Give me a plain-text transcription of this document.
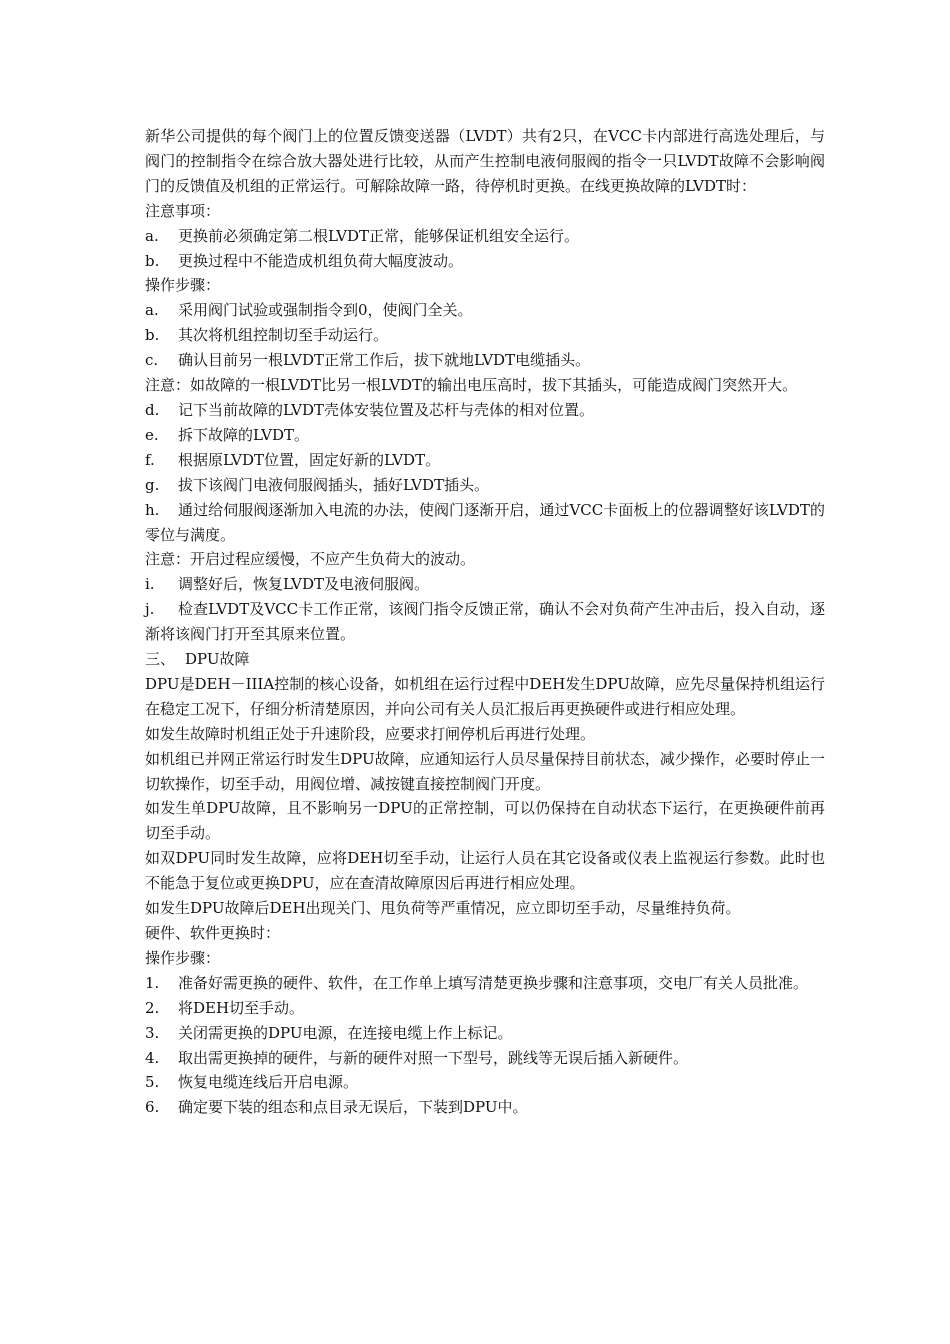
新华公司提供的每个阀门上的位置反馈变送器（LVDT）共有2只，在VCC卡内部进行高选处理后，与阀门的控制指令在综合放大器处进行比较，从而产生控制电液伺服阀的指令一只LVDT故障不会影响阀门的反馈值及机组的正常运行。可解除故障一路，待停机时更换。在线更换故障的LVDT时：

注意事项：

a.	更换前必须确定第二根LVDT正常，能够保证机组安全运行。
b.	更换过程中不能造成机组负荷大幅度波动。

操作步骤：

a.	采用阀门试验或强制指令到0，使阀门全关。
b.	其次将机组控制切至手动运行。
c.	确认目前另一根LVDT正常工作后，拔下就地LVDT电缆插头。

注意：如故障的一根LVDT比另一根LVDT的输出电压高时，拔下其插头，可能造成阀门突然开大。

d.	记下当前故障的LVDT壳体安装位置及芯杆与壳体的相对位置。
e.	拆下故障的LVDT。
f.	根据原LVDT位置，固定好新的LVDT。
g.	拔下该阀门电液伺服阀插头，插好LVDT插头。

h. 通过给伺服阀逐渐加入电流的办法，使阀门逐渐开启，通过VCC卡面板上的位器调整好该LVDT的零位与满度。

注意：开启过程应缓慢，不应产生负荷大的波动。

i.	调整好后，恢复LVDT及电液伺服阀。

j. 检查LVDT及VCC卡工作正常，该阀门指令反馈正常，确认不会对负荷产生冲击后，投入自动，逐渐将该阀门打开至其原来位置。

三、 DPU故障

DPU是DEH－IIIA控制的核心设备，如机组在运行过程中DEH发生DPU故障，应先尽量保持机组运行在稳定工况下，仔细分析清楚原因，并向公司有关人员汇报后再更换硬件或进行相应处理。

如发生故障时机组正处于升速阶段，应要求打闸停机后再进行处理。

如机组已并网正常运行时发生DPU故障，应通知运行人员尽量保持目前状态，减少操作，必要时停止一切软操作，切至手动，用阀位增、减按键直接控制阀门开度。

如发生单DPU故障，且不影响另一DPU的正常控制，可以仍保持在自动状态下运行，在更换硬件前再切至手动。

如双DPU同时发生故障，应将DEH切至手动，让运行人员在其它设备或仪表上监视运行参数。此时也不能急于复位或更换DPU，应在查清故障原因后再进行相应处理。

如发生DPU故障后DEH出现关门、甩负荷等严重情况，应立即切至手动，尽量维持负荷。

硬件、软件更换时：

操作步骤：

1. 准备好需更换的硬件、软件，在工作单上填写清楚更换步骤和注意事项，交电厂有关人员批准。

2.	将DEH切至手动。
3.	关闭需更换的DPU电源，在连接电缆上作上标记。
4.	取出需更换掉的硬件，与新的硬件对照一下型号，跳线等无误后插入新硬件。
5.	恢复电缆连线后开启电源。
6.	确定要下装的组态和点目录无误后，下装到DPU中。
